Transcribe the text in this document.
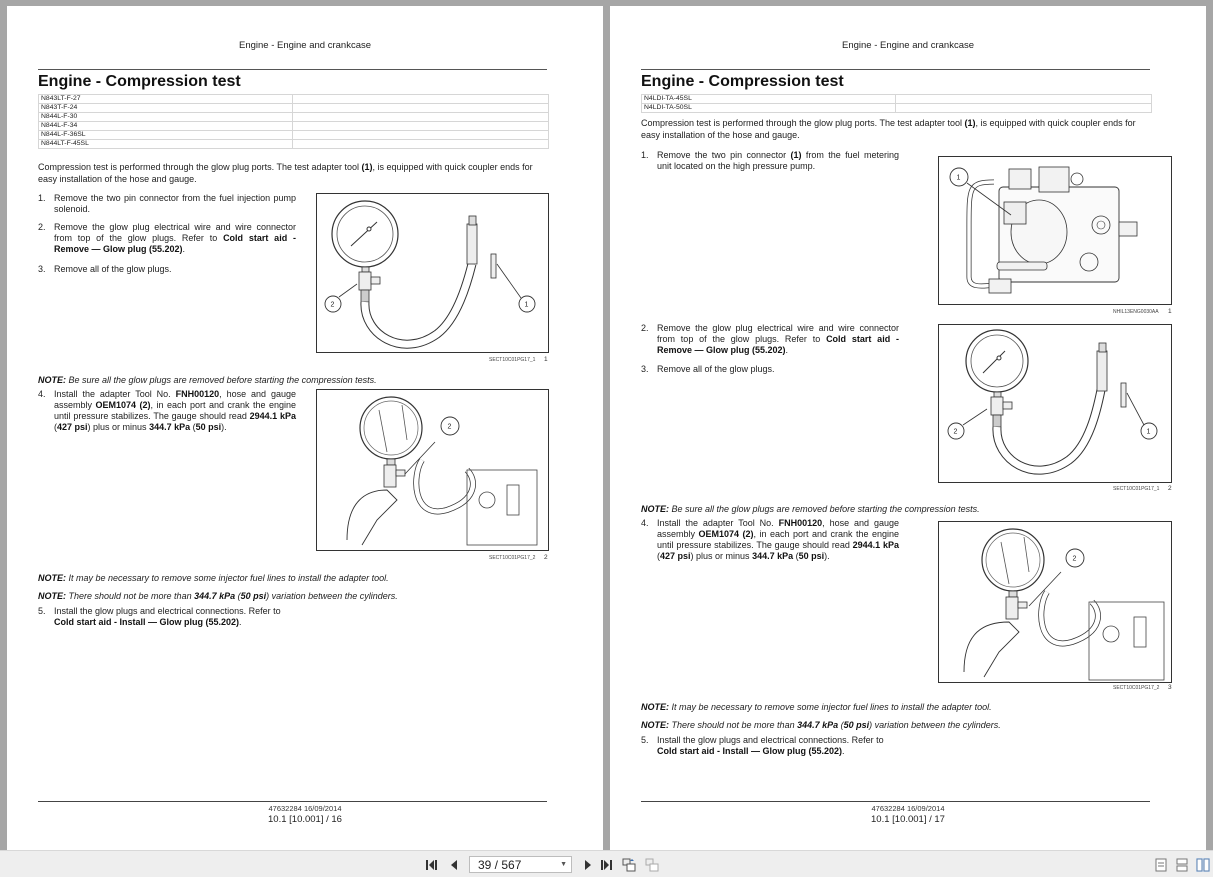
Engine - Engine and crankcase
Engine - Compression test
N843LT-F-27	
N843T-F-24	
N844L-F-30	
N844L-F-34	
N844L-F-36SL	
N844LT-F-45SL	
Compression test is performed through the glow plug ports. The test adapter tool (1), is equipped with quick coupler ends for easy installation of the hose and gauge.
1. Remove the two pin connector from the fuel injection pump solenoid.
2. Remove the glow plug electrical wire and wire connector from top of the glow plugs. Refer to Cold start aid - Remove — Glow plug (55.202).
3. Remove all of the glow plugs.
2	1
SECT10C01PG17_1 1
NOTE: Be sure all the glow plugs are removed before starting the compression tests.
4. Install the adapter Tool No. FNH00120, hose and gauge assembly OEM1074 (2), in each port and crank the engine until pressure stabilizes. The gauge should read 2944.1 kPa (427 psi) plus or minus 344.7 kPa (50 psi).	2
SECT10C01PG17_2 2
NOTE: It may be necessary to remove some injector fuel lines to install the adapter tool.
NOTE: There should not be more than 344.7 kPa (50 psi) variation between the cylinders.
5. Install the glow plugs and electrical connections. Refer to Cold start aid - Install — Glow plug (55.202).
47632284 16/09/2014
10.1 [10.001] / 16
Engine - Engine and crankcase
Engine - Compression test
N4LDI-TA-45SL	
N4LDI-TA-50SL	
Compression test is performed through the glow plug ports. The test adapter tool (1), is equipped with quick coupler ends for easy installation of the hose and gauge.
1. Remove the two pin connector (1) from the fuel metering unit located on the high pressure pump.
1
NHIL13ENG0030AA 1
2. Remove the glow plug electrical wire and wire connector from top of the glow plugs. Refer to Cold start aid - Remove — Glow plug (55.202).
3. Remove all of the glow plugs.
2	1
SECT10C01PG17_1 2
NOTE: Be sure all the glow plugs are removed before starting the compression tests.
4. Install the adapter Tool No. FNH00120, hose and gauge assembly OEM1074 (2), in each port and crank the engine until pressure stabilizes. The gauge should read 2944.1 kPa (427 psi) plus or minus 344.7 kPa (50 psi).	2
SECT10C01PG17_2 3
NOTE: It may be necessary to remove some injector fuel lines to install the adapter tool.
NOTE: There should not be more than 344.7 kPa (50 psi) variation between the cylinders.
5. Install the glow plugs and electrical connections. Refer to Cold start aid - Install — Glow plug (55.202).
47632284 16/09/2014
10.1 [10.001] / 17
39 / 567	▼
